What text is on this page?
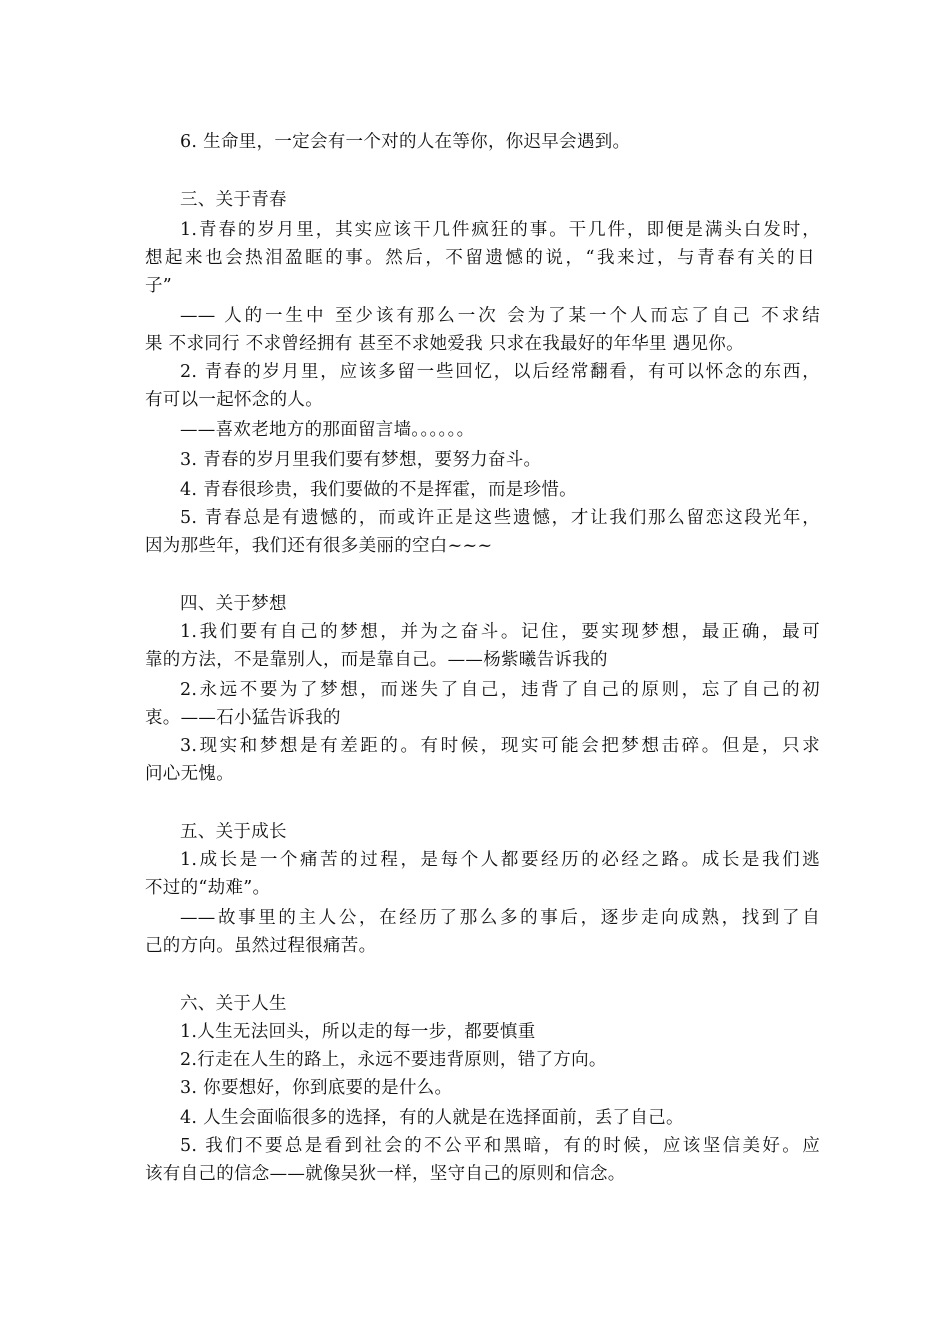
6. 生命里，一定会有一个对的人在等你，你迟早会遇到。
三、关于青春
1.青春的岁月里，其实应该干几件疯狂的事。干几件，即便是满头白发时，
想起来也会热泪盈眶的事。然后，不留遗憾的说，“我来过，与青春有关的日
子”
—— 人的一生中 至少该有那么一次 会为了某一个人而忘了自己 不求结
果 不求同行 不求曾经拥有 甚至不求她爱我 只求在我最好的年华里 遇见你。
2. 青春的岁月里，应该多留一些回忆，以后经常翻看，有可以怀念的东西，
有可以一起怀念的人。
——喜欢老地方的那面留言墙。。。。。。
3. 青春的岁月里我们要有梦想，要努力奋斗。
4. 青春很珍贵，我们要做的不是挥霍，而是珍惜。
5. 青春总是有遗憾的，而或许正是这些遗憾，才让我们那么留恋这段光年，
因为那些年，我们还有很多美丽的空白~~~
四、关于梦想
1.我们要有自己的梦想，并为之奋斗。记住，要实现梦想，最正确，最可
靠的方法，不是靠别人，而是靠自己。——杨紫曦告诉我的
2.永远不要为了梦想，而迷失了自己，违背了自己的原则，忘了自己的初
衷。——石小猛告诉我的
3.现实和梦想是有差距的。有时候，现实可能会把梦想击碎。但是，只求
问心无愧。
五、关于成长
1.成长是一个痛苦的过程，是每个人都要经历的必经之路。成长是我们逃
不过的“劫难”。
——故事里的主人公，在经历了那么多的事后，逐步走向成熟，找到了自
己的方向。虽然过程很痛苦。
六、关于人生
1.人生无法回头，所以走的每一步，都要慎重
2.行走在人生的路上，永远不要违背原则，错了方向。
3. 你要想好，你到底要的是什么。
4. 人生会面临很多的选择，有的人就是在选择面前，丢了自己。
5. 我们不要总是看到社会的不公平和黑暗，有的时候，应该坚信美好。应
该有自己的信念——就像吴狄一样，坚守自己的原则和信念。
